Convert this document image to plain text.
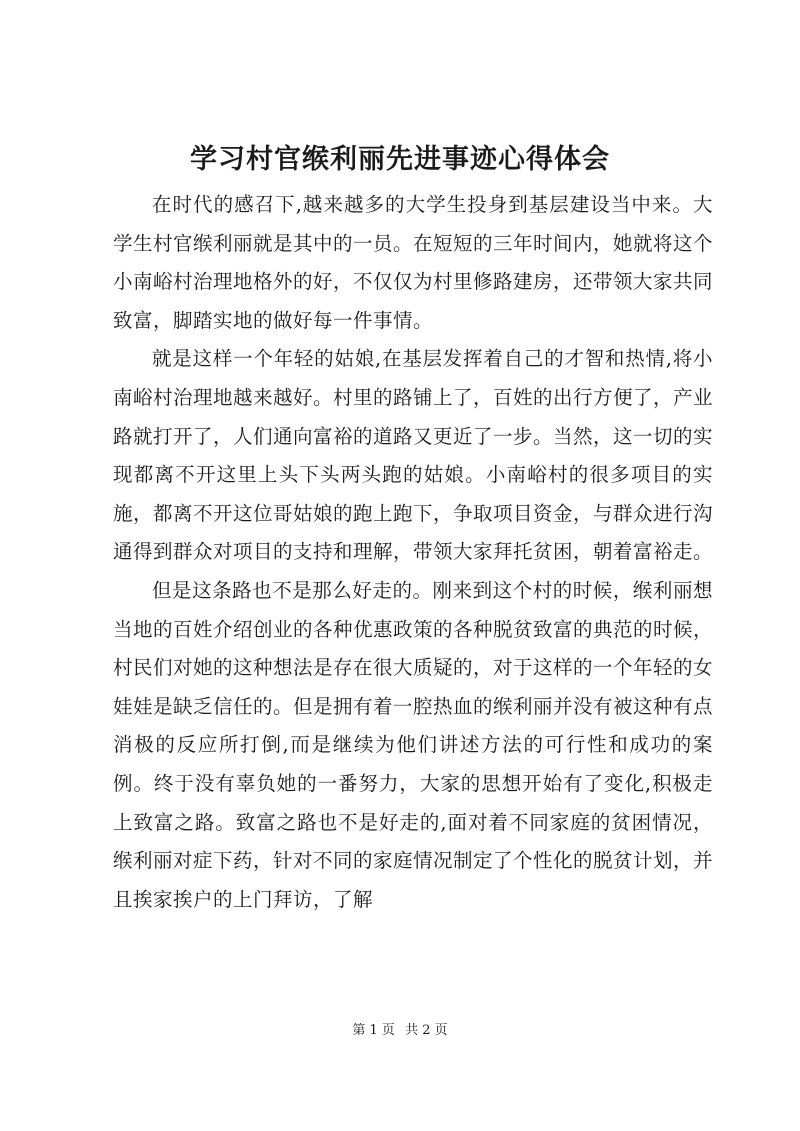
学习村官缑利丽先进事迹心得体会

在时代的感召下,越来越多的大学生投身到基层建设当中来。大学生村官缑利丽就是其中的一员。在短短的三年时间内，她就将这个小南峪村治理地格外的好，不仅仅为村里修路建房，还带领大家共同致富，脚踏实地的做好每一件事情。

就是这样一个年轻的姑娘,在基层发挥着自己的才智和热情,将小南峪村治理地越来越好。村里的路铺上了，百姓的出行方便了，产业路就打开了，人们通向富裕的道路又更近了一步。当然，这一切的实现都离不开这里上头下头两头跑的姑娘。小南峪村的很多项目的实施，都离不开这位哥姑娘的跑上跑下，争取项目资金，与群众进行沟通得到群众对项目的支持和理解，带领大家拜托贫困，朝着富裕走。

但是这条路也不是那么好走的。刚来到这个村的时候，缑利丽想当地的百姓介绍创业的各种优惠政策的各种脱贫致富的典范的时候，村民们对她的这种想法是存在很大质疑的，对于这样的一个年轻的女娃娃是缺乏信任的。但是拥有着一腔热血的缑利丽并没有被这种有点消极的反应所打倒,而是继续为他们讲述方法的可行性和成功的案例。终于没有辜负她的一番努力，大家的思想开始有了变化,积极走上致富之路。致富之路也不是好走的,面对着不同家庭的贫困情况，缑利丽对症下药，针对不同的家庭情况制定了个性化的脱贫计划，并且挨家挨户的上门拜访，了解

第 1 页 共 2 页
